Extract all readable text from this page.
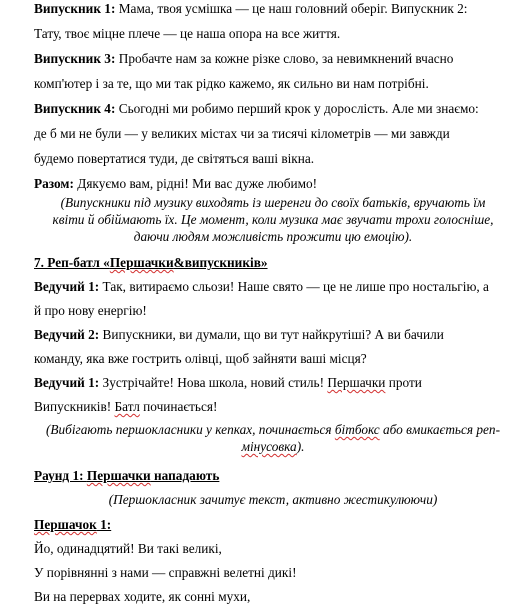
Випускник 1: Мама, твоя усмішка — це наш головний оберіг. Випускник 2:
Тату, твоє міцне плече — це наша опора на все життя.
Випускник 3: Пробачте нам за кожне різке слово, за невимкнений вчасно
комп'ютер і за те, що ми так рідко кажемо, як сильно ви нам потрібні.
Випускник 4: Сьогодні ми робимо перший крок у дорослість. Але ми знаємо:
де б ми не були — у великих містах чи за тисячі кілометрів — ми завжди
будемо повертатися туди, де світяться ваші вікна.
Разом: Дякуємо вам, рідні! Ми вас дуже любимо!
(Випускники під музику виходять із шеренги до своїх батьків, вручають їм
квіти й обіймають їх. Це момент, коли музика має звучати трохи голосніше,
даючи людям можливість прожити цю емоцію).
7. Реп-батл «Першачки&випускників»
Ведучий 1: Так, витираємо сльози! Наше свято — це не лише про ностальгію, а
й про нову енергію!
Ведучий 2: Випускники, ви думали, що ви тут найкрутіші? А ви бачили
команду, яка вже гострить олівці, щоб зайняти ваші місця?
Ведучий 1: Зустрічайте! Нова школа, новий стиль! Першачки проти
Випускників! Батл починається!
(Вибігають першокласники у кепках, починається бітбокс або вмикається реп-
мінусовка).
Раунд 1: Першачки нападають
(Першокласник зачитує текст, активно жестикулюючи)
Першачок 1:
Йо, одинадцятий! Ви такі великі,
У порівнянні з нами — справжні велетні дикі!
Ви на перервах ходите, як сонні мухи,
